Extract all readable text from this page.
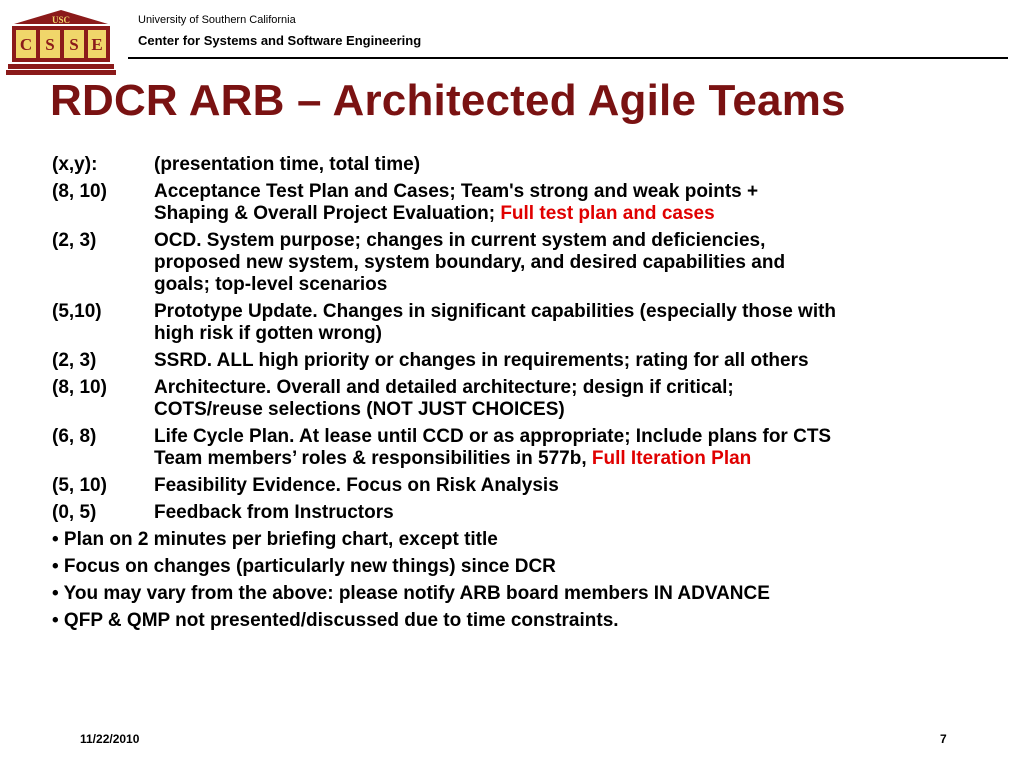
USC
C S S E
University of Southern California
Center for Systems and Software Engineering
RDCR ARB – Architected Agile Teams
(x,y):	(presentation time, total time)
(8, 10)	Acceptance Test Plan and Cases; Team's strong and weak points +
Shaping & Overall Project Evaluation; Full test plan and cases
(2, 3)	OCD. System purpose; changes in current system and deficiencies,
proposed new system, system boundary, and desired capabilities and
goals; top-level scenarios
(5,10)	Prototype Update. Changes in significant capabilities (especially those with
high risk if gotten wrong)
(2, 3)	SSRD. ALL high priority or changes in requirements; rating for all others
(8, 10)	Architecture. Overall and detailed architecture; design if critical;
COTS/reuse selections (NOT JUST CHOICES)
(6, 8)	Life Cycle Plan. At lease until CCD or as appropriate; Include plans for CTS
Team members’ roles & responsibilities in 577b, Full Iteration Plan
(5, 10)	Feasibility Evidence. Focus on Risk Analysis
(0, 5)	Feedback from Instructors
• Plan on 2 minutes per briefing chart, except title
• Focus on changes (particularly new things) since DCR
• You may vary from the above: please notify ARB board members IN ADVANCE
• QFP & QMP not presented/discussed due to time constraints.
11/22/2010	7
